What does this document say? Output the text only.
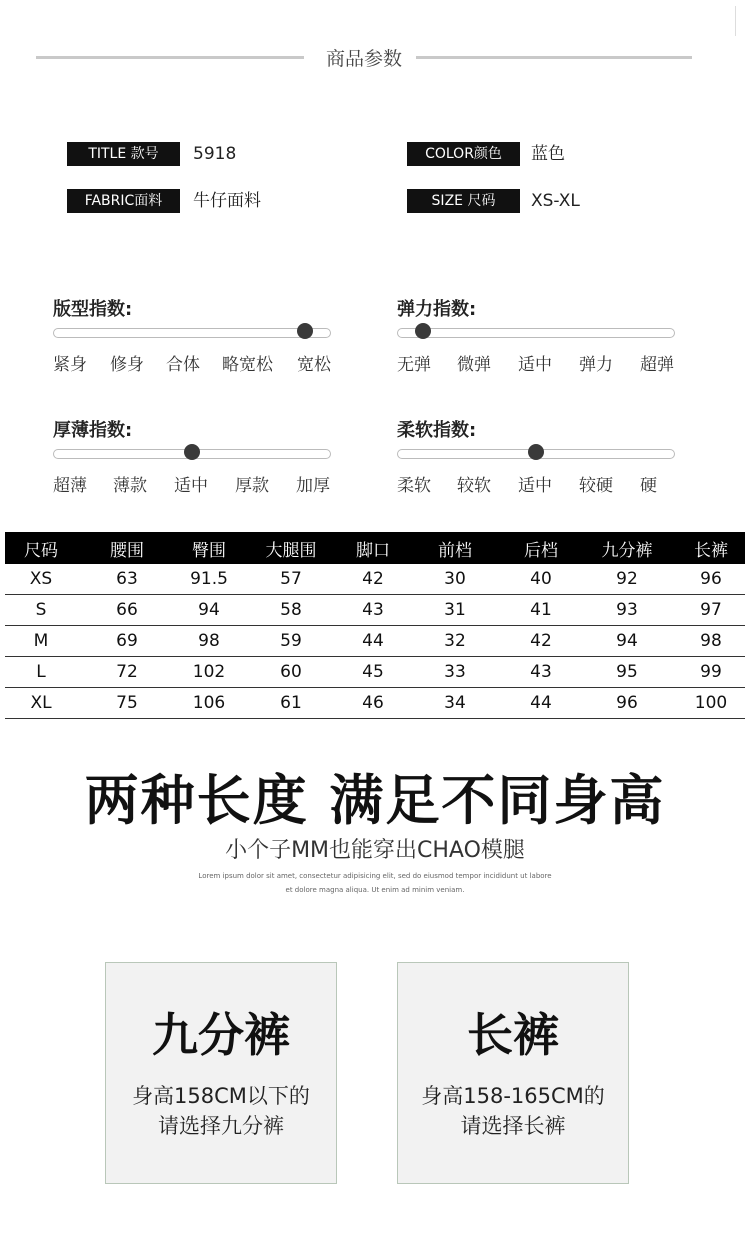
商品参数
TITLE 款号	5918
FABRIC面料	牛仔面料
COLOR颜色	蓝色
SIZE 尺码	XS-XL
版型指数:
紧身 修身 合体 略宽松 宽松
弹力指数:
无弹 微弹 适中 弹力 超弹
厚薄指数:
超薄 薄款 适中 厚款 加厚
柔软指数:
柔软 较软 适中 较硬 硬
尺码	腰围	臀围	大腿围	脚口	前档	后档	九分裤	长裤
XS	63	91.5	57	42	30	40	92	96
S	66	94	58	43	31	41	93	97
M	69	98	59	44	32	42	94	98
L	72	102	60	45	33	43	95	99
XL	75	106	61	46	34	44	96	100
两种长度 满足不同身高
小个子MM也能穿出CHAO模腿
Lorem ipsum dolor sit amet, consectetur adipisicing elit, sed do eiusmod tempor incididunt ut labore
et dolore magna aliqua. Ut enim ad minim veniam.
九分裤
身高158CM以下的
请选择九分裤
长裤
身高158-165CM的
请选择长裤
